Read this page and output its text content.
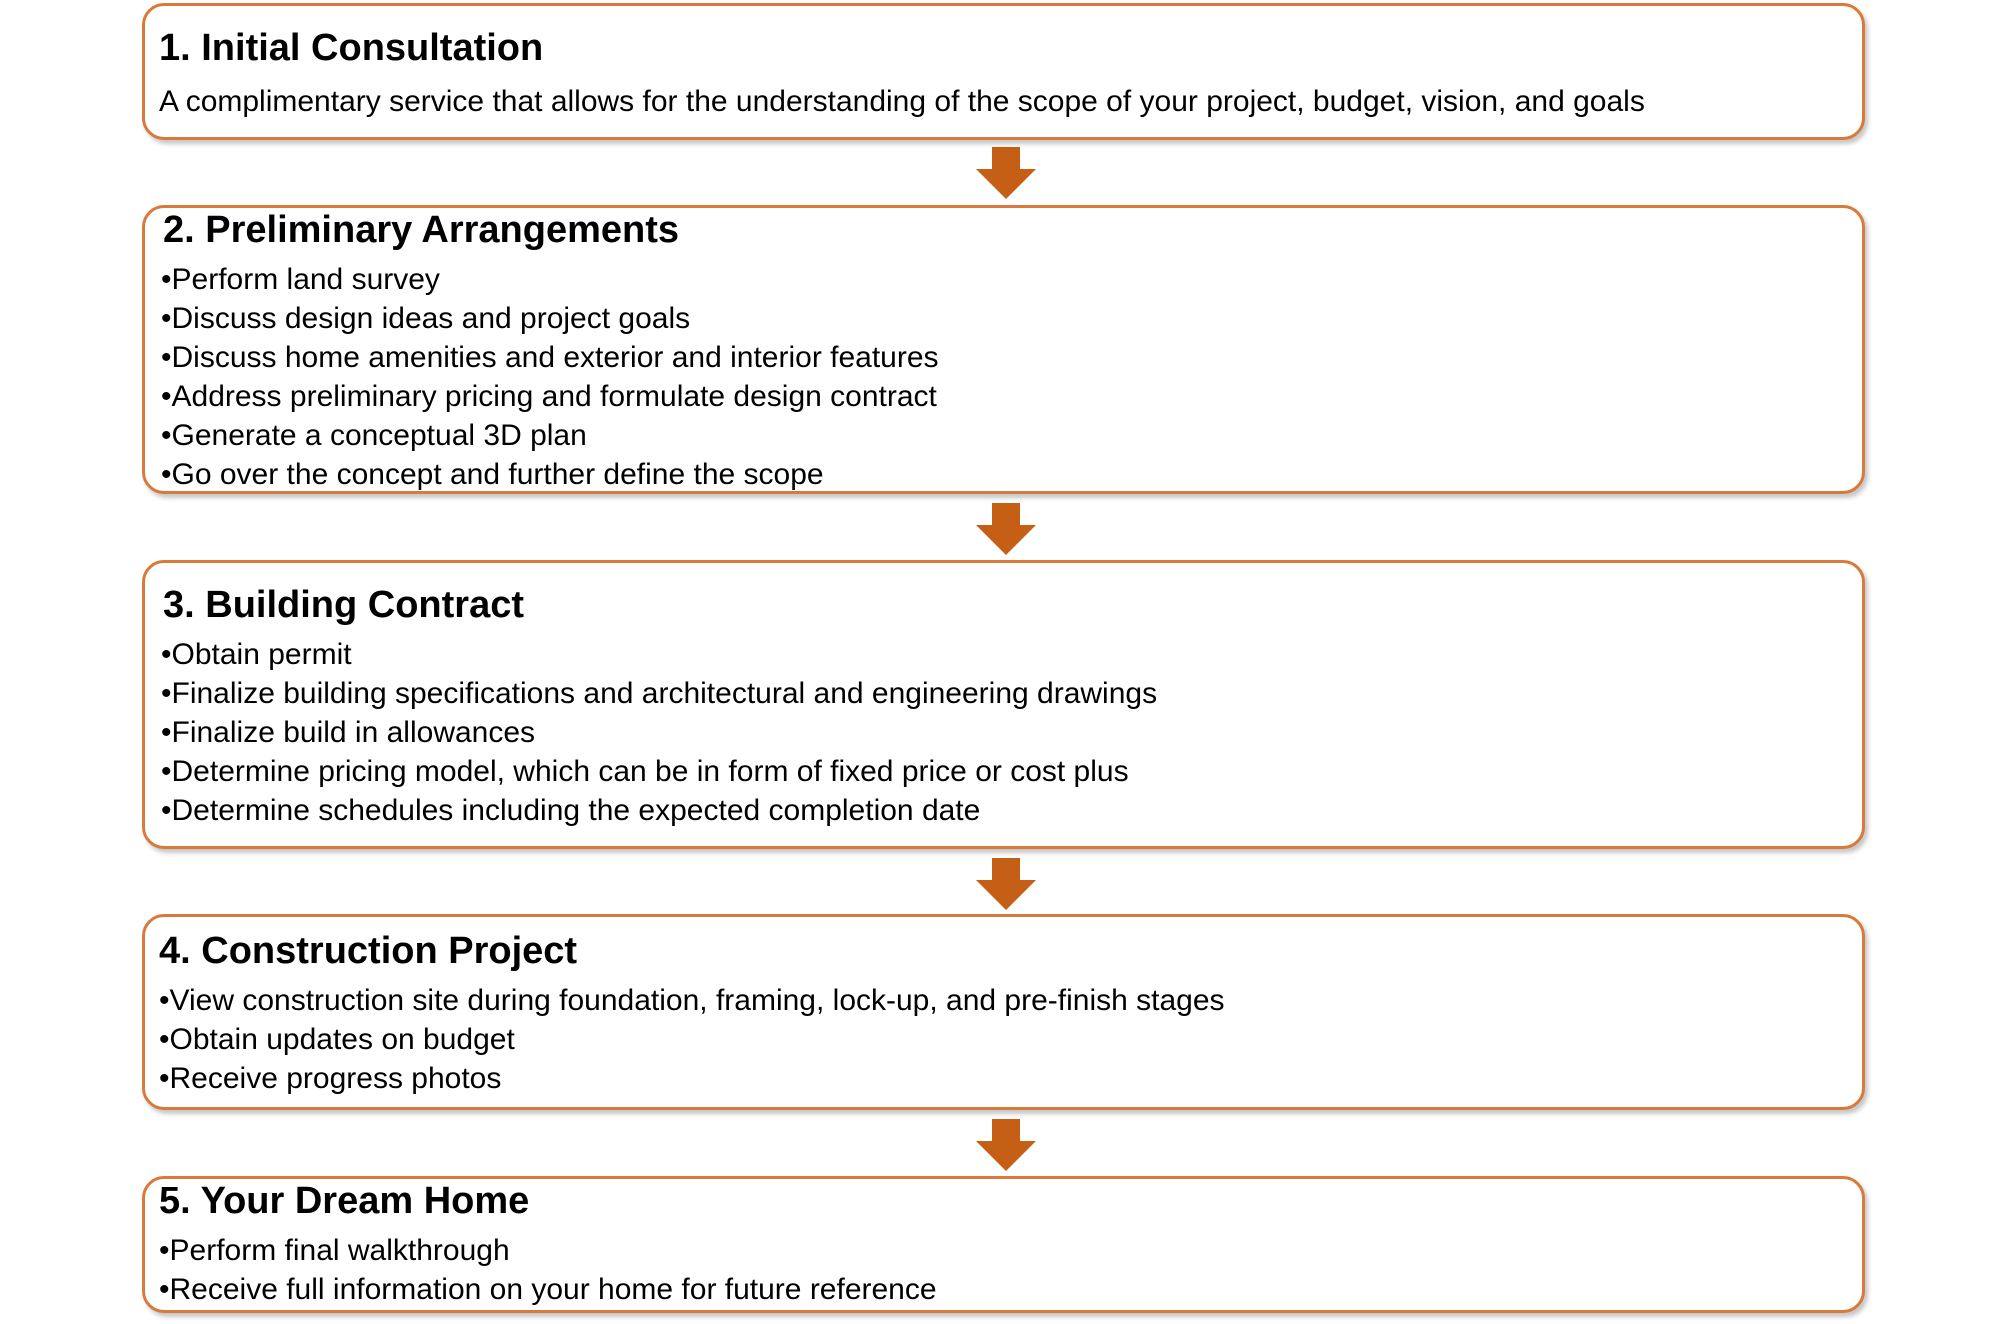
1. Initial Consultation
A complimentary service that allows for the understanding of the scope of your project, budget, vision, and goals
2. Preliminary Arrangements
•Perform land survey
•Discuss design ideas and project goals
•Discuss home amenities and exterior and interior features
•Address preliminary pricing and formulate design contract
•Generate a conceptual 3D plan
•Go over the concept and further define the scope
3. Building Contract
•Obtain permit
•Finalize building specifications and architectural and engineering drawings
•Finalize build in allowances
•Determine pricing model, which can be in form of fixed price or cost plus
•Determine schedules including the expected completion date
4. Construction Project
•View construction site during foundation, framing, lock-up, and pre-finish stages
•Obtain updates on budget
•Receive progress photos
5. Your Dream Home
•Perform final walkthrough
•Receive full information on your home for future reference
